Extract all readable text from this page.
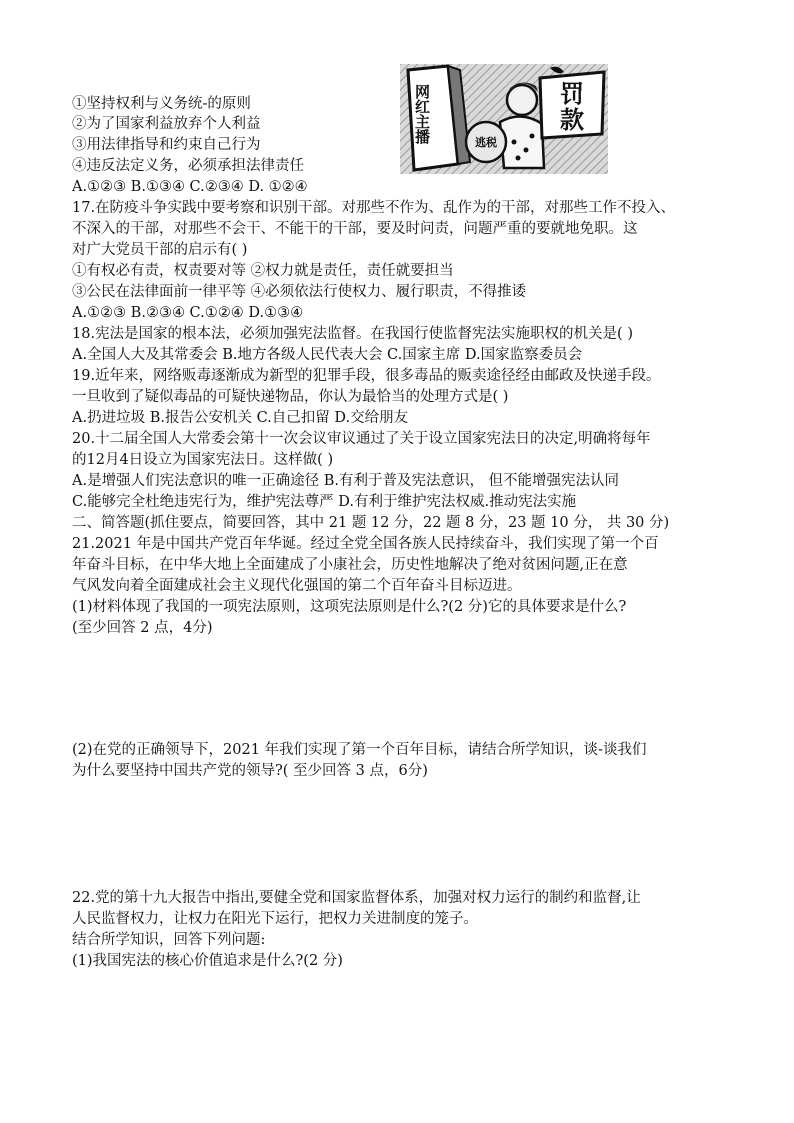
网红主播	逃税
罚
款
①坚持权利与义务统-的原则
②为了国家利益放弃个人利益
③用法律指导和约束自己行为
④违反法定义务，必须承担法律责任
A.①②③ B.①③④ C.②③④ D. ①②④
17.在防疫斗争实践中要考察和识别干部。对那些不作为、乱作为的干部，对那些工作不投入、
不深入的干部，对那些不会干、不能干的干部，要及时问责，问题严重的要就地免职。这
对广大党员干部的启示有( )
①有权必有责，权责要对等 ②权力就是责任，责任就要担当
③公民在法律面前一律平等 ④必须依法行使权力、履行职责，不得推诿
A.①②③ B.②③④ C.①②④ D.①③④
18.宪法是国家的根本法，必须加强宪法监督。在我国行使监督宪法实施职权的机关是( )
A.全国人大及其常委会 B.地方各级人民代表大会 C.国家主席 D.国家监察委员会
19.近年来，网络贩毒逐渐成为新型的犯罪手段，很多毒品的贩卖途径经由邮政及快递手段。
一旦收到了疑似毒品的可疑快递物品，你认为最恰当的处理方式是( )
A.扔进垃圾 B.报告公安机关 C.自己扣留 D.交给朋友
20.十二届全国人大常委会第十一次会议审议通过了关于设立国家宪法日的决定,明确将每年
的12月4日设立为国家宪法日。这样做( )
A.是增强人们宪法意识的唯一正确途径 B.有利于普及宪法意识， 但不能增强宪法认同
C.能够完全杜绝违宪行为，维护宪法尊严 D.有利于维护宪法权威.推动宪法实施
二、简答题(抓住要点，简要回答，其中 21 题 12 分，22 题 8 分，23 题 10 分， 共 30 分)
21.2021 年是中国共产党百年华诞。经过全党全国各族人民持续奋斗，我们实现了第一个百
年奋斗目标，在中华大地上全面建成了小康社会，历史性地解决了绝对贫困问题,正在意
气风发向着全面建成社会主义现代化强国的第二个百年奋斗目标迈进。
(1)材料体现了我国的一项宪法原则，这项宪法原则是什么?(2 分)它的具体要求是什么?
(至少回答 2 点，4分)
(2)在党的正确领导下，2021 年我们实现了第一个百年目标，请结合所学知识，谈-谈我们
为什么要坚持中国共产党的领导?( 至少回答 3 点，6分)
22.党的第十九大报告中指出,要健全党和国家监督体系，加强对权力运行的制约和监督,让
人民监督权力，让权力在阳光下运行，把权力关进制度的笼子。
结合所学知识，回答下列问题:
(1)我国宪法的核心价值追求是什么?(2 分)
